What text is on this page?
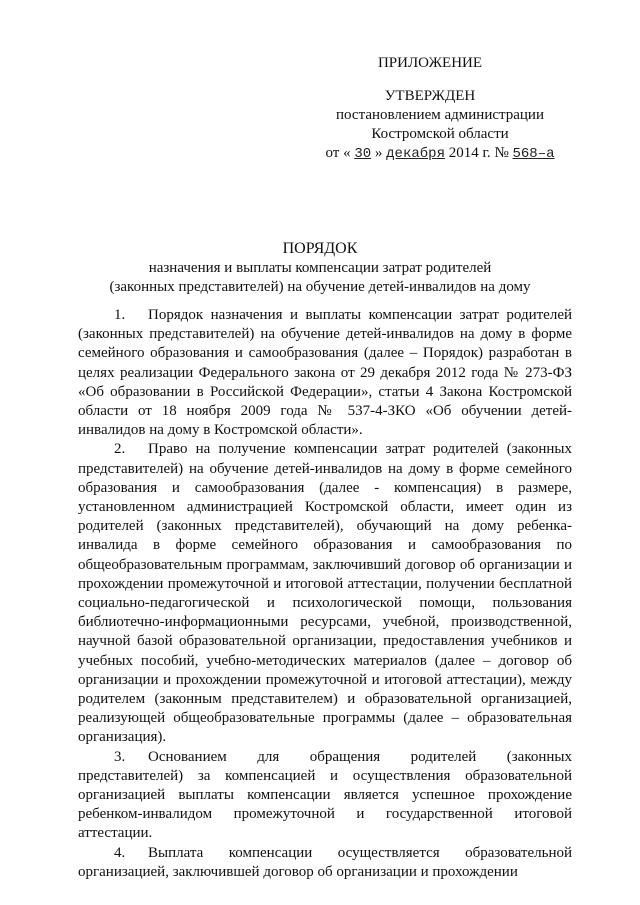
ПРИЛОЖЕНИЕ
УТВЕРЖДЕН
постановлением администрации
Костромской области
от « 30 » декабря 2014 г. № 568–а
ПОРЯДОК
назначения и выплаты компенсации затрат родителей
(законных представителей) на обучение детей-инвалидов на дому

1. Порядок назначения и выплаты компенсации затрат родителей (законных представителей) на обучение детей-инвалидов на дому в форме семейного образования и самообразования (далее – Порядок) разработан в целях реализации Федерального закона от 29 декабря 2012 года № 273-ФЗ «Об образовании в Российской Федерации», статьи 4 Закона Костромской области от 18 ноября 2009 года № 537-4-ЗКО «Об обучении детей-инвалидов на дому в Костромской области».

2. Право на получение компенсации затрат родителей (законных представителей) на обучение детей-инвалидов на дому в форме семейного образования и самообразования (далее - компенсация) в размере, установленном администрацией Костромской области, имеет один из родителей (законных представителей), обучающий на дому ребенка-инвалида в форме семейного образования и самообразования по общеобразовательным программам, заключивший договор об организации и прохождении промежуточной и итоговой аттестации, получении бесплатной социально-педагогической и психологической помощи, пользования библиотечно-информационными ресурсами, учебной, производственной, научной базой образовательной организации, предоставления учебников и учебных пособий, учебно-методических материалов (далее – договор об организации и прохождении промежуточной и итоговой аттестации), между родителем (законным представителем) и образовательной организацией, реализующей общеобразовательные программы (далее – образовательная организация).

3. Основанием для обращения родителей (законных представителей) за компенсацией и осуществления образовательной организацией выплаты компенсации является успешное прохождение ребенком-инвалидом промежуточной и государственной итоговой аттестации.

4. Выплата компенсации осуществляется образовательной организацией, заключившей договор об организации и прохождении
